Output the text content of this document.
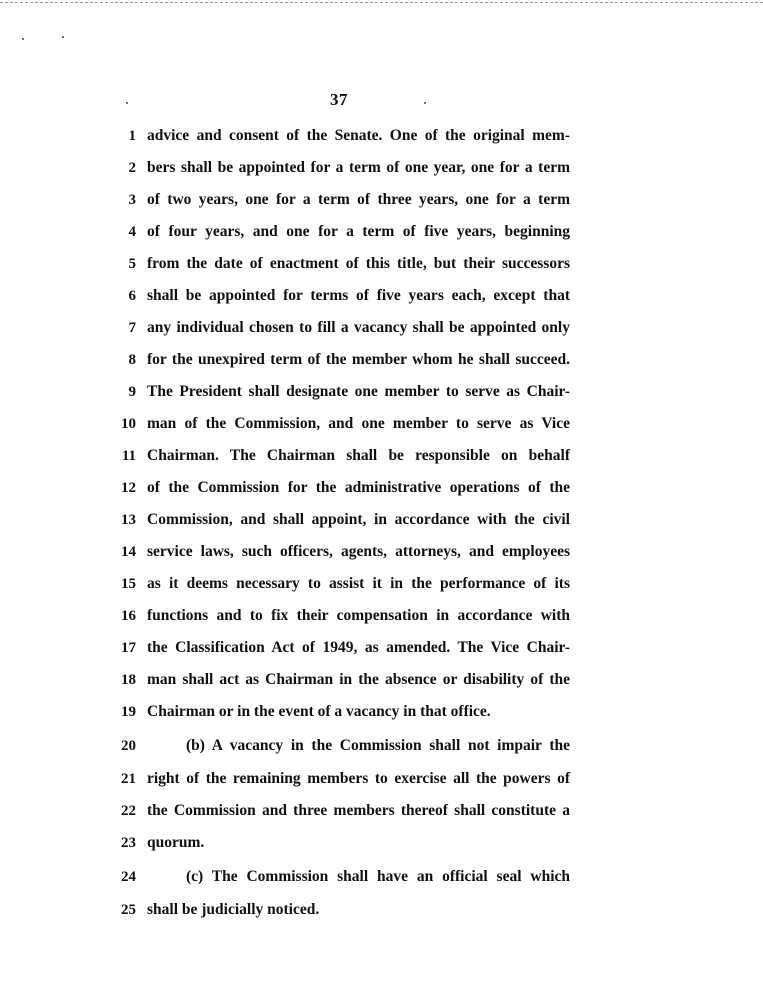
37
1 advice and consent of the Senate. One of the original mem-
2 bers shall be appointed for a term of one year, one for a term
3 of two years, one for a term of three years, one for a term
4 of four years, and one for a term of five years, beginning
5 from the date of enactment of this title, but their successors
6 shall be appointed for terms of five years each, except that
7 any individual chosen to fill a vacancy shall be appointed only
8 for the unexpired term of the member whom he shall succeed.
9 The President shall designate one member to serve as Chair-
10 man of the Commission, and one member to serve as Vice
11 Chairman. The Chairman shall be responsible on behalf
12 of the Commission for the administrative operations of the
13 Commission, and shall appoint, in accordance with the civil
14 service laws, such officers, agents, attorneys, and employees
15 as it deems necessary to assist it in the performance of its
16 functions and to fix their compensation in accordance with
17 the Classification Act of 1949, as amended. The Vice Chair-
18 man shall act as Chairman in the absence or disability of the
19 Chairman or in the event of a vacancy in that office.
20	(b) A vacancy in the Commission shall not impair the
21 right of the remaining members to exercise all the powers of
22 the Commission and three members thereof shall constitute a
23 quorum.
24	(c) The Commission shall have an official seal which
25 shall be judicially noticed.
